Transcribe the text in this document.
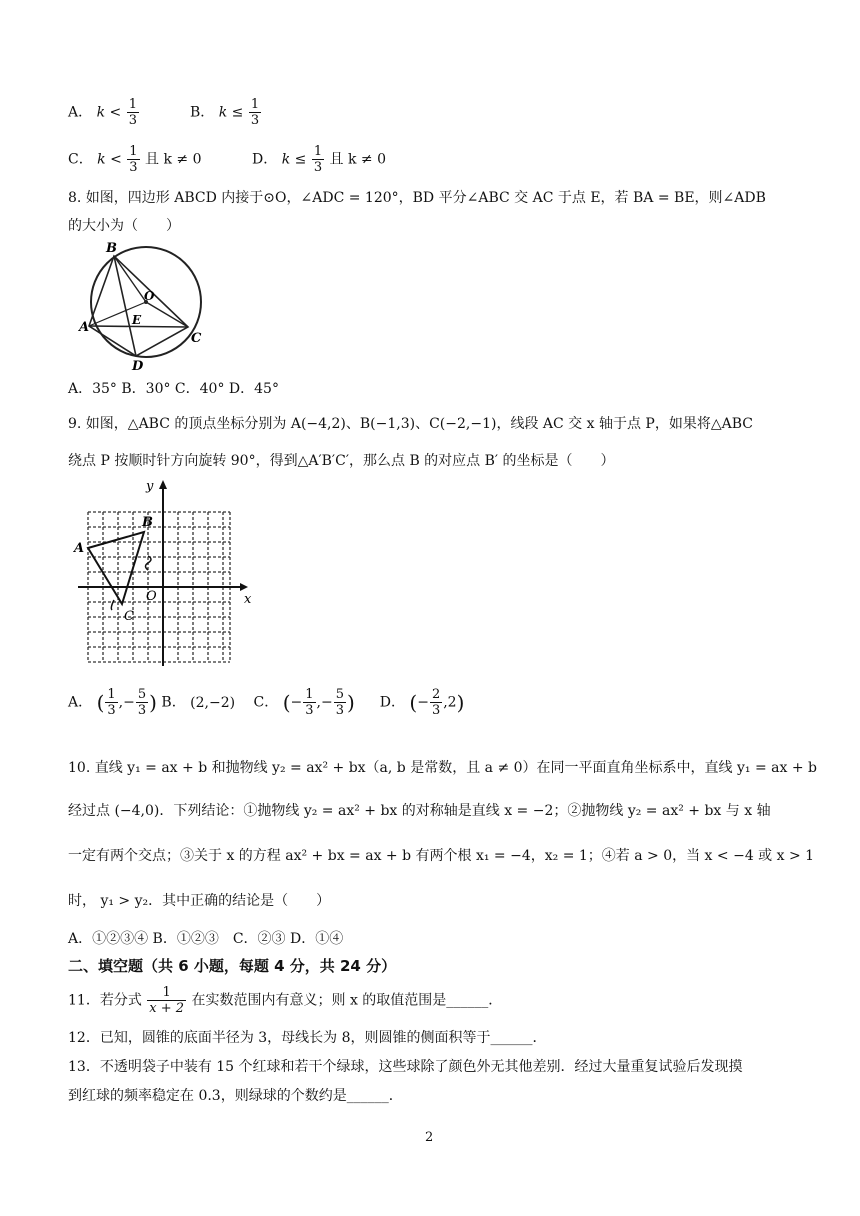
A． $k < \frac{1}{3}$	B． $k \le \frac{1}{3}$
C． $k < \frac{1}{3}$ 且 k ≠ 0	D． $k \le \frac{1}{3}$ 且 k ≠ 0
8. 如图，四边形 ABCD 内接于⊙O，∠ADC = 120°，BD 平分∠ABC 交 AC 于点 E，若 BA = BE，则∠ADB
的大小为（　　）
B
O
E
A
C
D
A．35° B．30° C．40° D．45°
9. 如图，△ABC 的顶点坐标分别为 A(−4,2)、B(−1,3)、C(−2,−1)，线段 AC 交 x 轴于点 P，如果将△ABC
绕点 P 按顺时针方向旋转 90°，得到△A′B′C′，那么点 B 的对应点 B′ 的坐标是（　　）
y
x
O
A
B
C
A． ( $\frac{1}{3}$ ,− $\frac{5}{3}$ ) B． (2,−2) C． (− $\frac{1}{3}$ ,− $\frac{5}{3}$ ) D． (− $\frac{2}{3} ,2$)
10. 直线 y₁ = ax + b 和抛物线 y₂ = ax² + bx（a, b 是常数，且 a ≠ 0）在同一平面直角坐标系中，直线 y₁ = ax + b
经过点 (−4,0)．下列结论：①抛物线 y₂ = ax² + bx 的对称轴是直线 x = −2；②抛物线 y₂ = ax² + bx 与 x 轴
一定有两个交点；③关于 x 的方程 ax² + bx = ax + b 有两个根 x₁ = −4，x₂ = 1；④若 a > 0，当 x < −4 或 x > 1
时， y₁ > y₂．其中正确的结论是（　　）
A．①②③④ B．①②③　C．②③ D．①④
二、填空题（共 6 小题，每题 4 分，共 24 分）
11．若分式 $\frac{1}{x + 2}$ 在实数范围内有意义；则 x 的取值范围是______．
12．已知，圆锥的底面半径为 3，母线长为 8，则圆锥的侧面积等于______．
13．不透明袋子中装有 15 个红球和若干个绿球，这些球除了颜色外无其他差别．经过大量重复试验后发现摸
到红球的频率稳定在 0.3，则绿球的个数约是______．
2
